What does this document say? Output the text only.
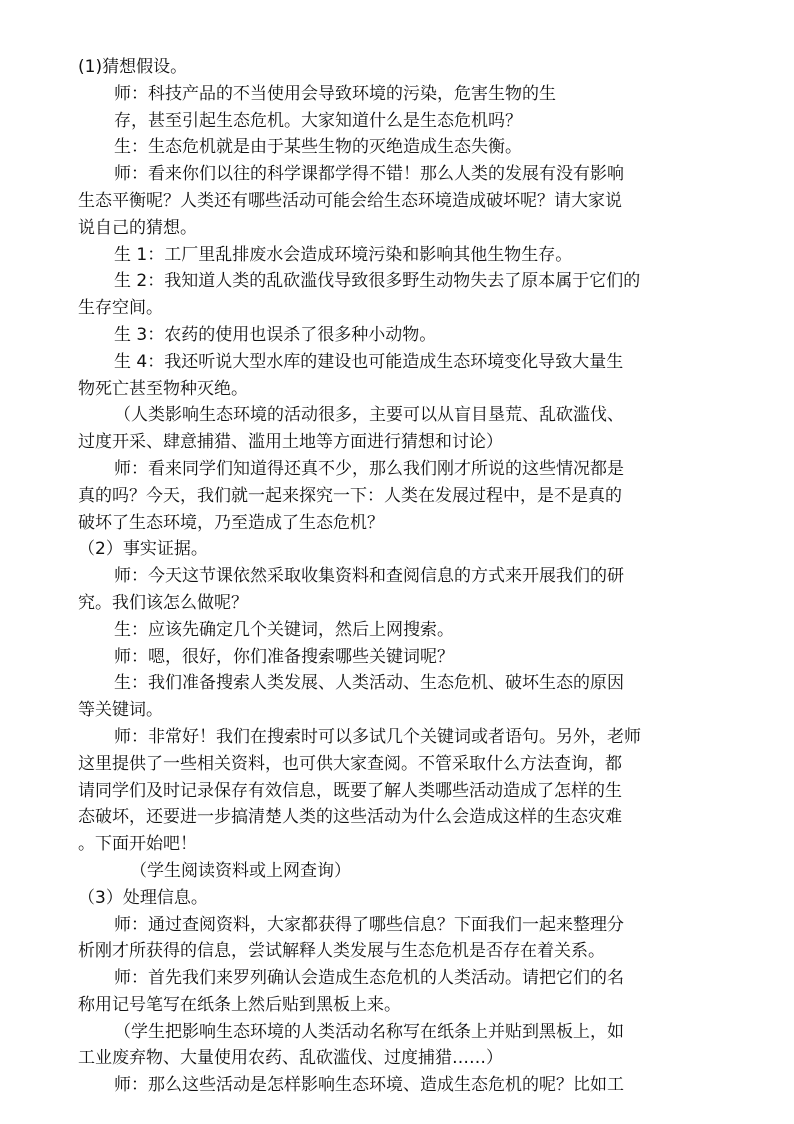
(1)猜想假设。
师：科技产品的不当使用会导致环境的污染，危害生物的生
存，甚至引起生态危机。大家知道什么是生态危机吗？
生：生态危机就是由于某些生物的灭绝造成生态失衡。
师：看来你们以往的科学课都学得不错！那么人类的发展有没有影响
生态平衡呢？人类还有哪些活动可能会给生态环境造成破坏呢？请大家说
说自己的猜想。
生 1：工厂里乱排废水会造成环境污染和影响其他生物生存。
生 2：我知道人类的乱砍滥伐导致很多野生动物失去了原本属于它们的
生存空间。
生 3：农药的使用也误杀了很多种小动物。
生 4：我还听说大型水库的建设也可能造成生态环境变化导致大量生
物死亡甚至物种灭绝。
（人类影响生态环境的活动很多，主要可以从盲目垦荒、乱砍滥伐、
过度开采、肆意捕猎、滥用土地等方面进行猜想和讨论）
师：看来同学们知道得还真不少，那么我们刚才所说的这些情况都是
真的吗？今天，我们就一起来探究一下：人类在发展过程中，是不是真的
破坏了生态环境，乃至造成了生态危机？
（2）事实证据。
师：今天这节课依然采取收集资料和查阅信息的方式来开展我们的研
究。我们该怎么做呢？
生：应该先确定几个关键词，然后上网搜索。
师：嗯，很好，你们准备搜索哪些关键词呢？
生：我们准备搜索人类发展、人类活动、生态危机、破坏生态的原因
等关键词。
师：非常好！我们在搜索时可以多试几个关键词或者语句。另外，老师
这里提供了一些相关资料，也可供大家查阅。不管采取什么方法查询，都
请同学们及时记录保存有效信息，既要了解人类哪些活动造成了怎样的生
态破坏，还要进一步搞清楚人类的这些活动为什么会造成这样的生态灾难
。下面开始吧！
（学生阅读资料或上网查询）
（3）处理信息。
师：通过查阅资料，大家都获得了哪些信息？下面我们一起来整理分
析刚才所获得的信息，尝试解释人类发展与生态危机是否存在着关系。
师：首先我们来罗列确认会造成生态危机的人类活动。请把它们的名
称用记号笔写在纸条上然后贴到黑板上来。
（学生把影响生态环境的人类活动名称写在纸条上并贴到黑板上，如
工业废弃物、大量使用农药、乱砍滥伐、过度捕猎……）
师：那么这些活动是怎样影响生态环境、造成生态危机的呢？比如工
